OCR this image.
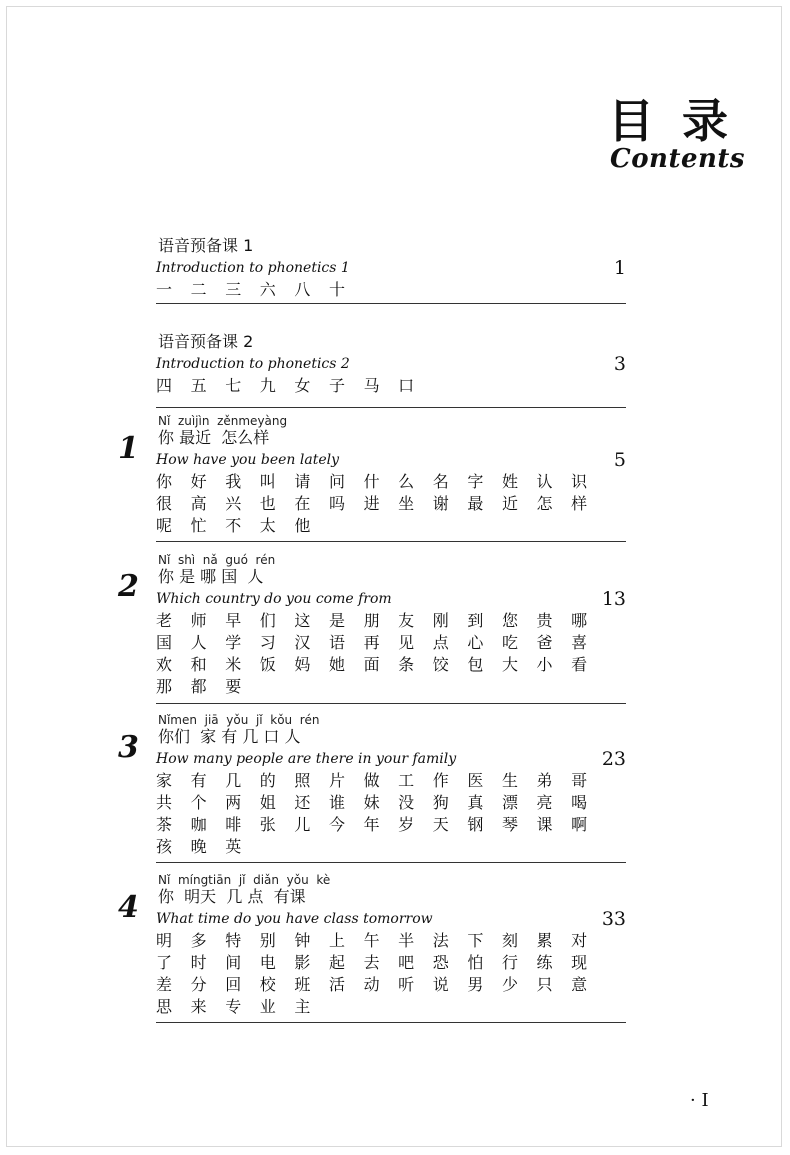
目 录
Contents
语音预备课 1
Introduction to phonetics 1	1
一	二	三	六	八	十
语音预备课 2
Introduction to phonetics 2	3
四	五	七	九	女	子	马	口
1
Nǐ  zuìjìn  zěnmeyàng
你 最近  怎么样
How have you been lately	5
你	好	我	叫	请	问	什	么	名	字	姓	认	识
很	高	兴	也	在	吗	进	坐	谢	最	近	怎	样
呢	忙	不	太	他
2
Nǐ  shì  nǎ  guó  rén
你 是 哪 国  人
Which country do you come from	13
老	师	早	们	这	是	朋	友	刚	到	您	贵	哪
国	人	学	习	汉	语	再	见	点	心	吃	爸	喜
欢	和	米	饭	妈	她	面	条	饺	包	大	小	看
那	都	要
3
Nǐmen  jiā  yǒu  jǐ  kǒu  rén
你们  家 有 几 口 人
How many people are there in your family	23
家	有	几	的	照	片	做	工	作	医	生	弟	哥
共	个	两	姐	还	谁	妹	没	狗	真	漂	亮	喝
茶	咖	啡	张	儿	今	年	岁	天	钢	琴	课	啊
孩	晚	英
4
Nǐ  míngtiān  jǐ  diǎn  yǒu  kè
你  明天  几 点  有课
What time do you have class tomorrow	33
明	多	特	别	钟	上	午	半	法	下	刻	累	对
了	时	间	电	影	起	去	吧	恐	怕	行	练	现
差	分	回	校	班	活	动	听	说	男	少	只	意
思	来	专	业	主
· I
